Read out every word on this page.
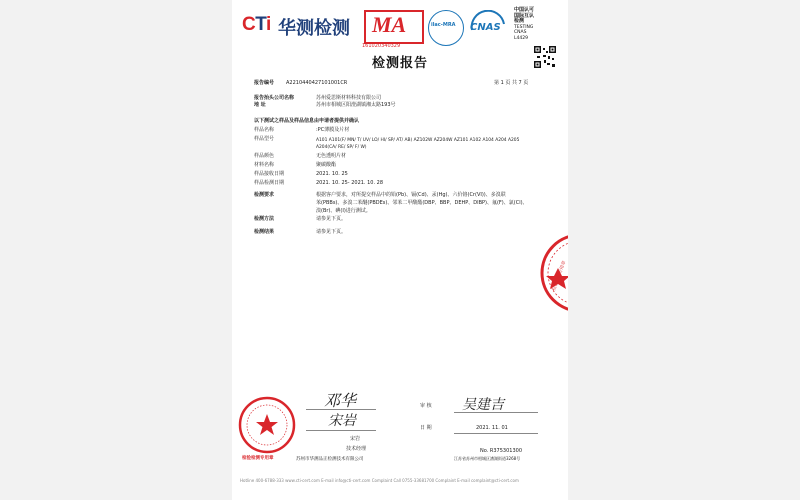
CTi 华测检测 MA
161020340329
ilac-MRA CNAS
中国认可
国际互认
检测
TESTING
CNAS L4429
检测报告
报告编号 A2210440427101001CR	第 1 页 共 7 页
报告抬头公司名称	苏州爱思斯材料科技有限公司
地 址	苏州市相城区阳澄湖镇湘太路193号
以下测试之样品及样品信息由申请者提供并确认
样品名称	:PC薄膜及片材
样品型号	A101 A101(F/ MN/ T/ UV/ LO/ HI/ SP/ AT/ AB) AZ102W AZ204W AZ101 A102 A104 A204 A205
A204(CA/ RE/ SP/ F/ W)
样品颜色	无色透明片材
材料名称	聚碳酸酯
样品接收日期	2021. 10. 25
样品检测日期	2021. 10. 25- 2021. 10. 28
检测要求	根据客户要求，对所提交样品中的铅(Pb)、镉(Cd)、汞(Hg)、六价铬(Cr(VI))、多溴联
苯(PBBs)、多溴二苯醚(PBDEs)、邻苯二甲酸酯(DBP、BBP、DEHP、DIBP)、氟(F)、氯(Cl)、
溴(Br)、碘(I)进行测试。
检测方法	请参见下页。
检测结果	请参见下页。
检验检测专用章
邓华
宋岩
宋岩
技术经理
检验检测专用章	苏州市华测品正检测技术有限公司
审 核 吴建吉
日 期	2021. 11. 01
No. R375301300
江苏省苏州市相城区漕湖街道3268号
Hotline 400-6788-333 www.cti-cert.com E-mail info@cti-cert.com Complaint Call 0755-33681700 Complaint E-mail complaint@cti-cert.com
